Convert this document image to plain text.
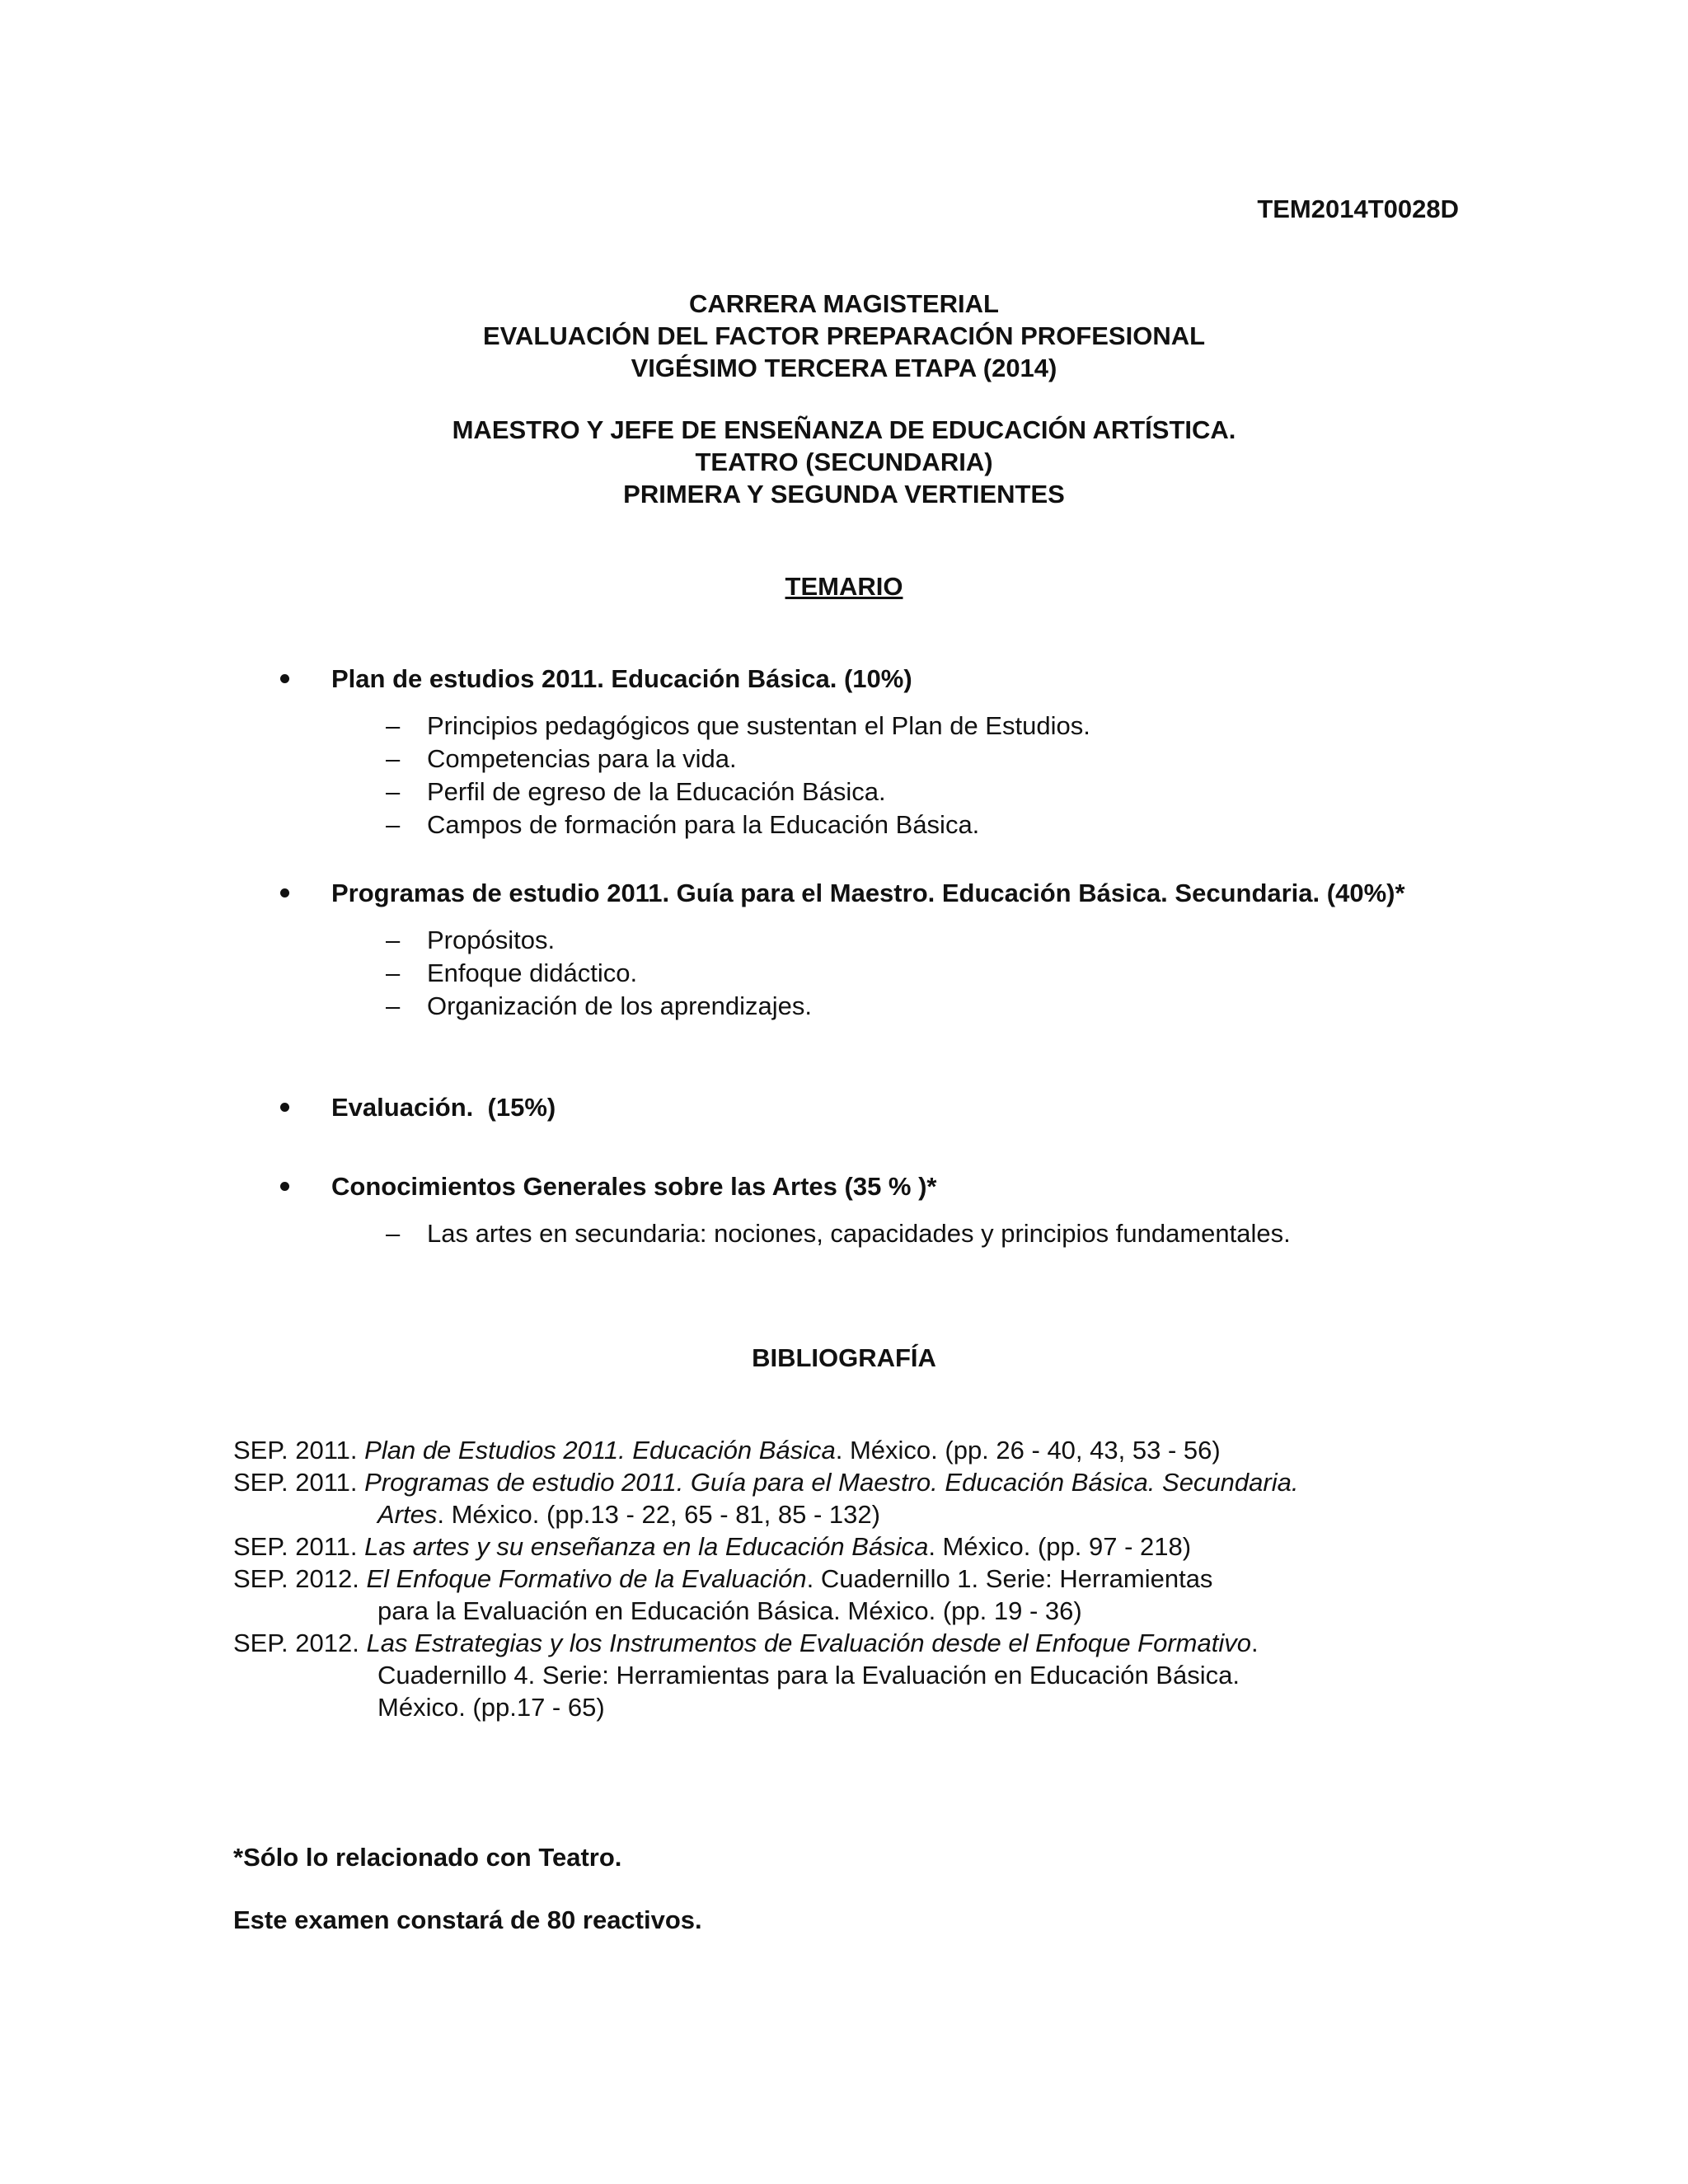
TEM2014T0028D
CARRERA MAGISTERIAL
EVALUACIÓN DEL FACTOR PREPARACIÓN PROFESIONAL
VIGÉSIMO TERCERA ETAPA (2014)
MAESTRO Y JEFE DE ENSEÑANZA DE EDUCACIÓN ARTÍSTICA.
TEATRO (SECUNDARIA)
PRIMERA Y SEGUNDA VERTIENTES
TEMARIO
Plan de estudios 2011. Educación Básica. (10%)
– Principios pedagógicos que sustentan el Plan de Estudios.
– Competencias para la vida.
– Perfil de egreso de la Educación Básica.
– Campos de formación para la Educación Básica.
Programas de estudio 2011. Guía para el Maestro. Educación Básica. Secundaria. (40%)*
– Propósitos.
– Enfoque didáctico.
– Organización de los aprendizajes.
Evaluación.  (15%)
Conocimientos Generales sobre las Artes (35 % )*
– Las artes en secundaria: nociones, capacidades y principios fundamentales.
BIBLIOGRAFÍA
SEP. 2011. Plan de Estudios 2011. Educación Básica. México. (pp. 26 - 40, 43, 53 - 56)
SEP. 2011. Programas de estudio 2011. Guía para el Maestro. Educación Básica. Secundaria.
Artes. México. (pp.13 - 22, 65 - 81, 85 - 132)
SEP. 2011. Las artes y su enseñanza en la Educación Básica. México. (pp. 97 - 218)
SEP. 2012. El Enfoque Formativo de la Evaluación. Cuadernillo 1. Serie: Herramientas
para la Evaluación en Educación Básica. México. (pp. 19 - 36)
SEP. 2012. Las Estrategias y los Instrumentos de Evaluación desde el Enfoque Formativo.
Cuadernillo 4. Serie: Herramientas para la Evaluación en Educación Básica.
México. (pp.17 - 65)
*Sólo lo relacionado con Teatro.
Este examen constará de 80 reactivos.
